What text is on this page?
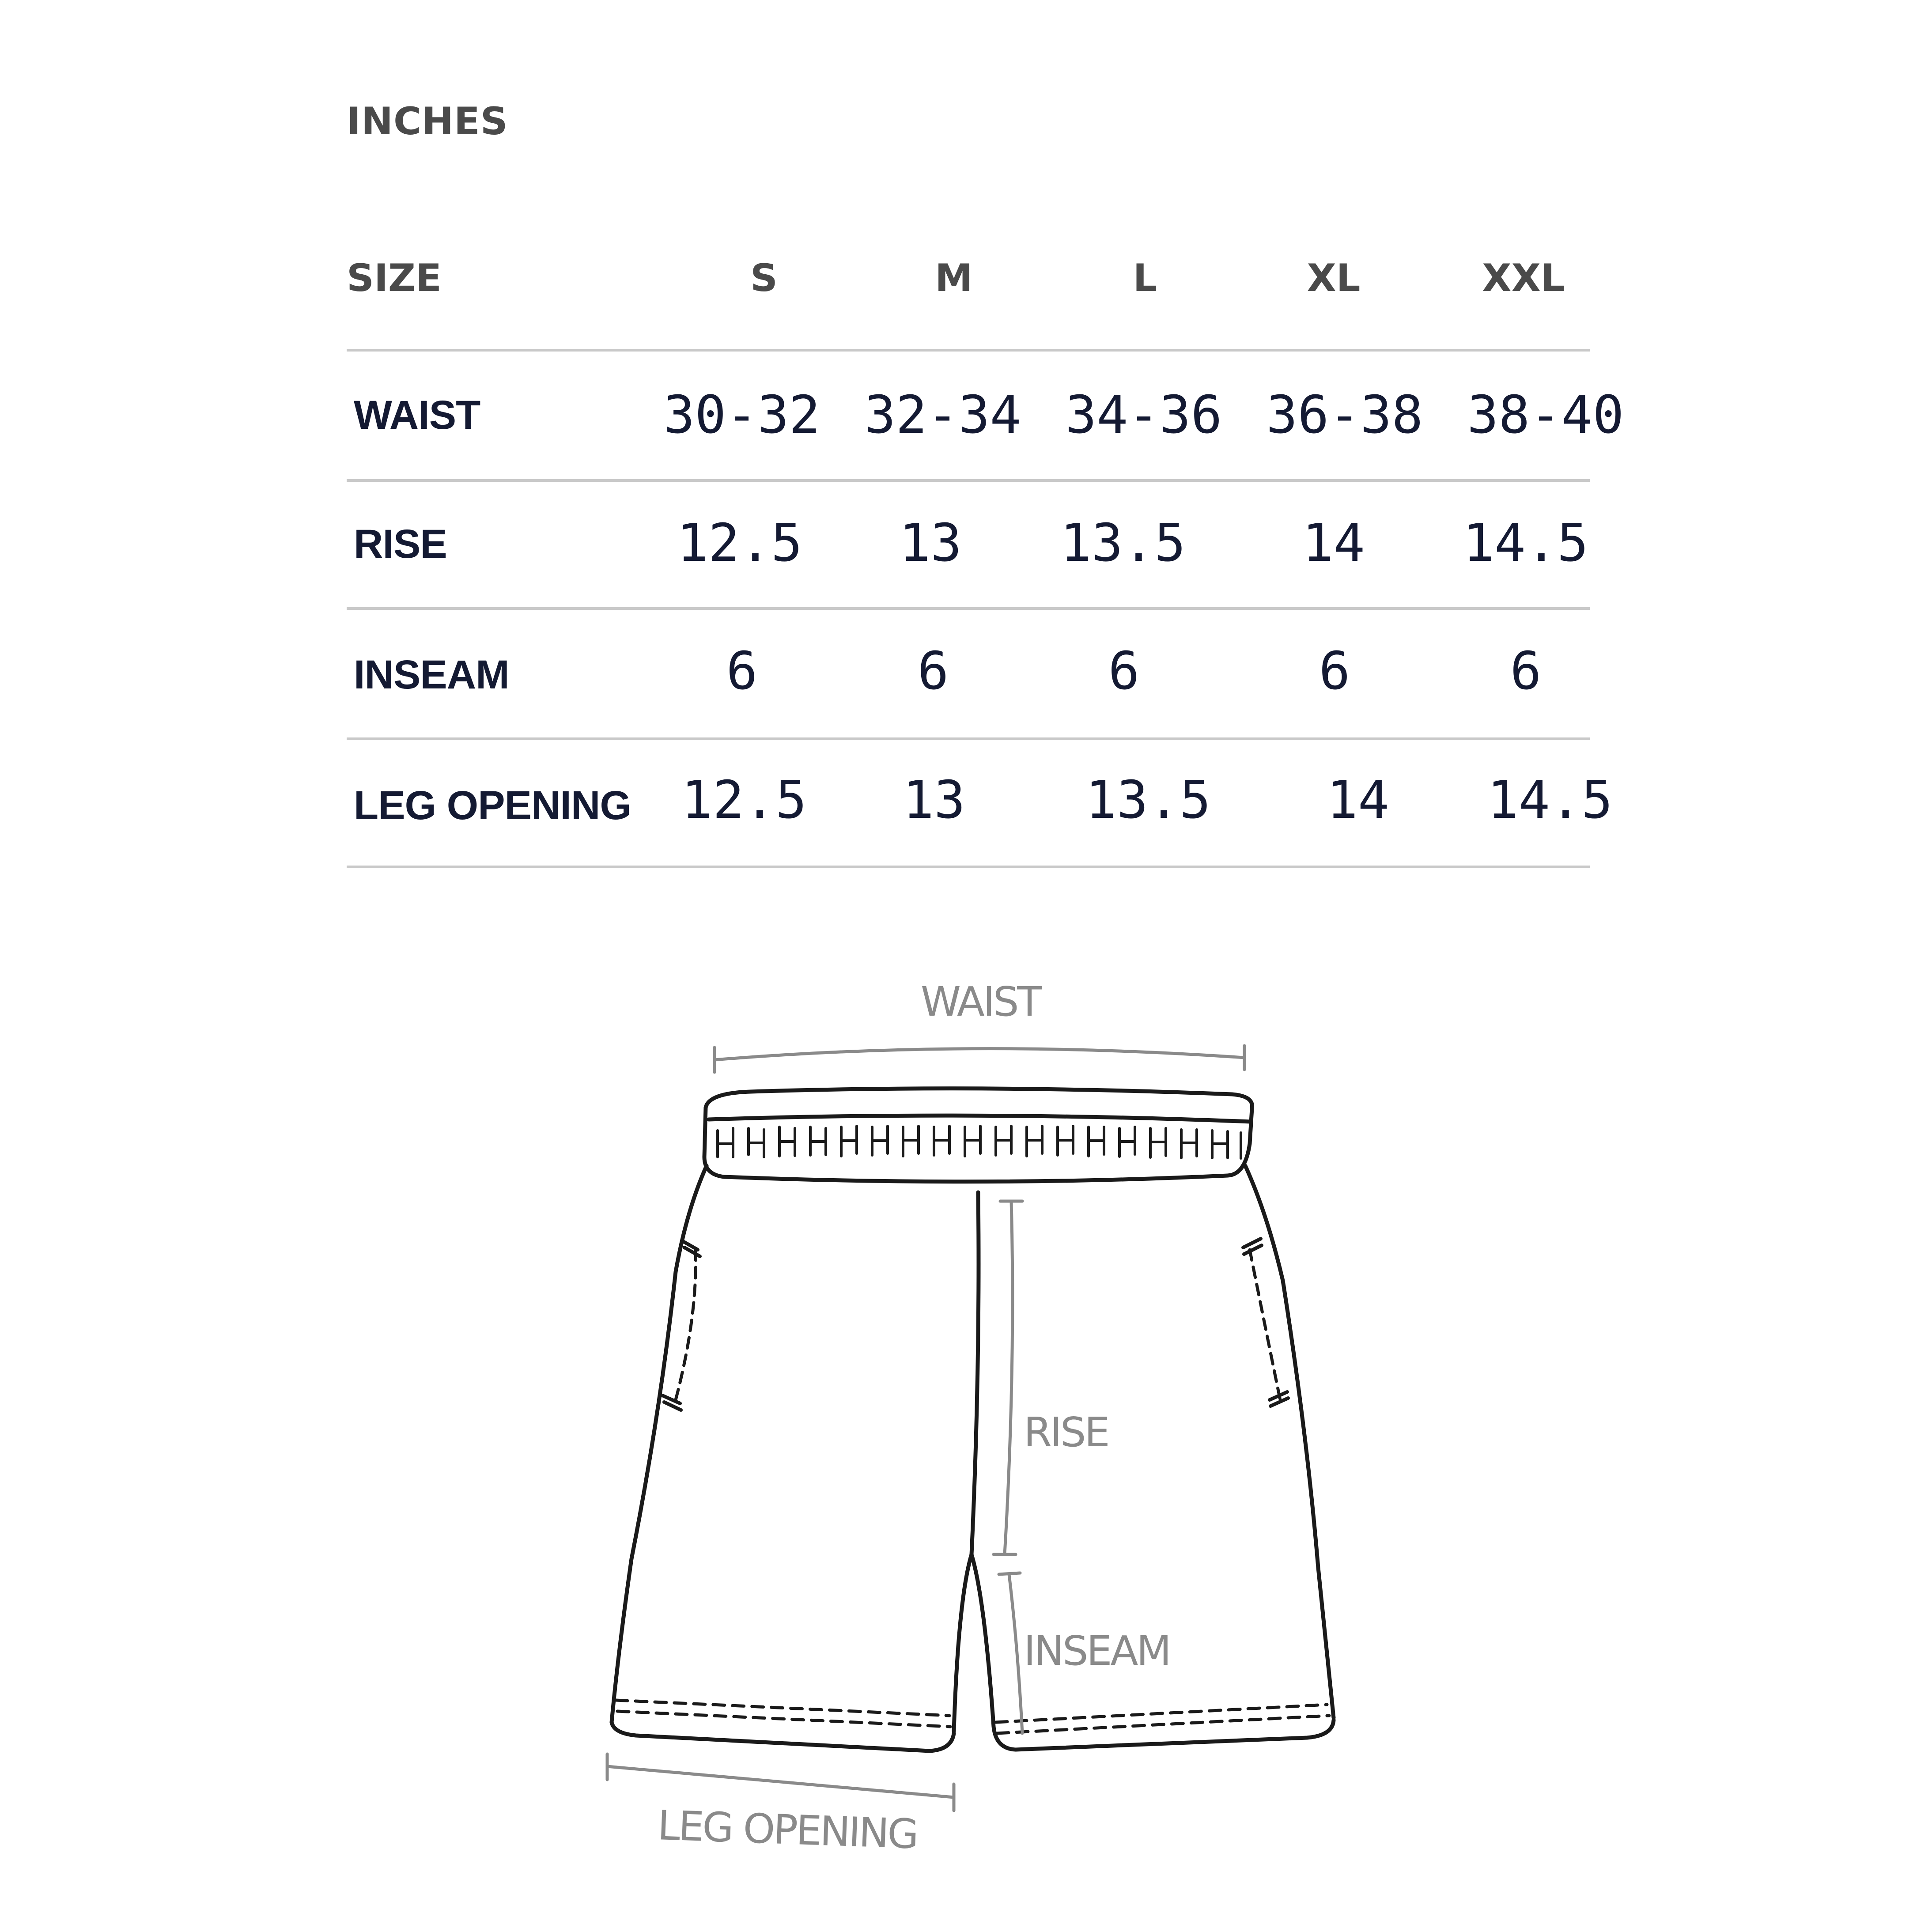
INCHES
SIZE	S	M	L	XL	XXL
WAIST	30-32 32-34 34-36 36-38 38-40
RISE	12.5	13	13.5	14	14.5
INSEAM	6	6	6	6	6
LEG OPENING 12.5	13	13.5	14	14.5
WAIST
RISE
INSEAM
LEG OPENING
